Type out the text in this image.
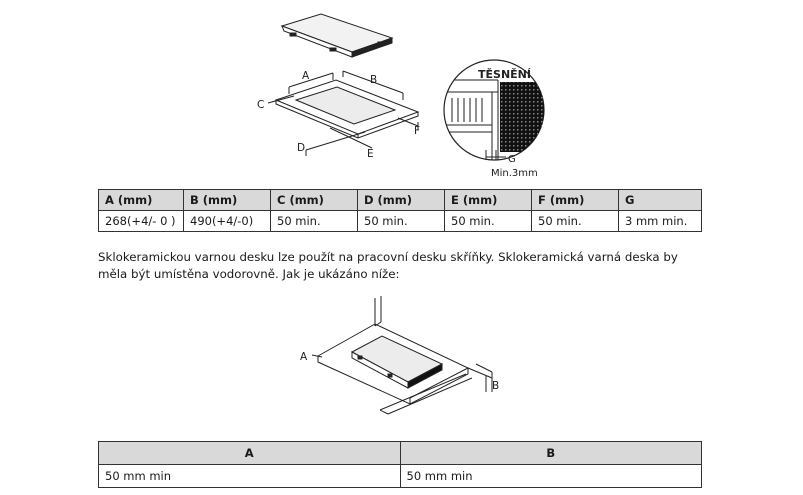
A	B
C
D	E
F
TĚSNĚNÍ
G
Min.3mm
A (mm)	B (mm)	C (mm)	D (mm)	E (mm)	F (mm)	G
268(+4/- 0 )	490(+4/-0)	50 min.	50 min.	50 min.	50 min.	3 mm min.
Sklokeramickou varnou desku lze použít na pracovní desku skříňky. Sklokeramická varná deska by měla být umístěna vodorovně. Jak je ukázáno níže:
A
B
A	B
50 mm min	50 mm min
